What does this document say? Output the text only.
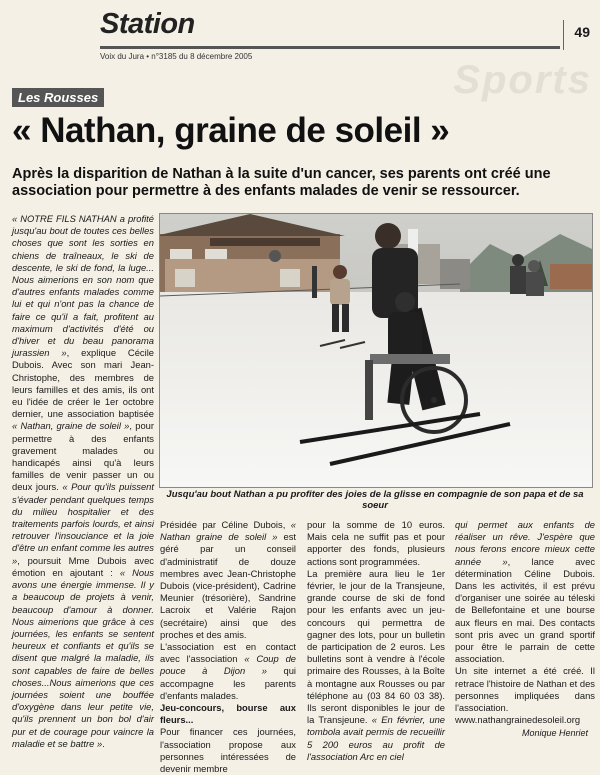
Station	49
Voix du Jura • n°3185 du 8 décembre 2005
Sports
Les Rousses
« Nathan, graine de soleil »
Après la disparition de Nathan à la suite d'un cancer, ses parents ont créé une association pour permettre à des enfants malades de venir se ressourcer.

« NOTRE FILS NATHAN a profité jusqu'au bout de toutes ces belles choses que sont les sorties en chiens de traîneaux, le ski de descente, le ski de fond, la luge... Nous aimerions en son nom que d'autres enfants malades comme lui et qui n'ont pas la chance de faire ce qu'il a fait, profitent au maximum d'activités d'été ou d'hiver et du beau panorama jurassien », explique Cécile Dubois. Avec son mari Jean-Christophe, des membres de leurs familles et des amis, ils ont eu l'idée de créer le 1er octobre dernier, une association baptisée « Nathan, graine de soleil », pour permettre à des enfants gravement malades ou handicapés ainsi qu'à leurs familles de venir passer un ou deux jours. « Pour qu'ils puissent s'évader pendant quelques temps du milieu hospitalier et des traitements parfois lourds, et ainsi retrouver l'insouciance et la joie d'être un enfant comme les autres », poursuit Mme Dubois avec émotion en ajoutant : « Nous avons une énergie immense. Il y a beaucoup de projets à venir, beaucoup d'amour à donner. Nous aimerions que grâce à ces journées, les enfants se sentent heureux et confiants et qu'ils se disent que malgré la maladie, ils sont capables de faire de belles choses...Nous aimerions que ces journées soient une bouffée d'oxygène dans leur petite vie, qu'ils prennent un bon bol d'air pur et de courage pour vaincre la maladie et se battre ».

Jusqu'au bout Nathan a pu profiter des joies de la glisse en compagnie de son papa et de sa soeur

Présidée par Céline Dubois, « Nathan graine de soleil » est géré par un conseil d'administratif de douze membres avec Jean-Christophe Dubois (vice-président), Cadrine Meunier (trésorière), Sandrine Lacroix et Valérie Rajon (secrétaire) ainsi que des proches et des amis.
L'association est en contact avec l'association « Coup de pouce à Dijon » qui accompagne les parents d'enfants malades.
Jeu-concours, bourse aux fleurs...
Pour financer ces journées, l'association propose aux personnes intéressées de devenir membre

pour la somme de 10 euros. Mais cela ne suffit pas et pour apporter des fonds, plusieurs actions sont programmées.
La première aura lieu le 1er février, le jour de la Transjeune, grande course de ski de fond pour les enfants avec un jeu-concours qui permettra de gagner des lots, pour un bulletin de participation de 2 euros. Les bulletins sont à vendre à l'école primaire des Rousses, à la Boîte à montagne aux Rousses ou par téléphone au (03 84 60 03 38). Ils seront disponibles le jour de la Transjeune. « En février, une tombola avait permis de recueillir 5 200 euros au profit de l'association Arc en ciel

qui permet aux enfants de réaliser un rêve. J'espère que nous ferons encore mieux cette année », lance avec détermination Céline Dubois. Dans les activités, il est prévu d'organiser une soirée au téleski de Bellefontaine et une bourse aux fleurs en mai. Des contacts sont pris avec un grand sportif pour être le parrain de cette association.
Un site internet a été créé. Il retrace l'histoire de Nathan et des personnes impliquées dans l'association. www.nathangrainedesoleil.org

Monique Henriet
